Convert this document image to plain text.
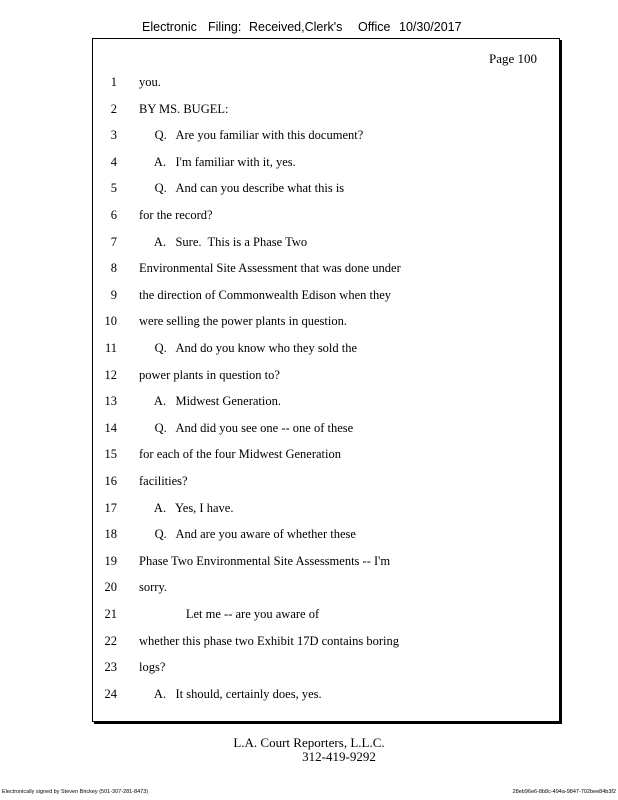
Electronic Filing: Received,Clerk's Office 10/30/2017
Page 100
1 you.
2 BY MS. BUGEL:
3 Q.   Are you familiar with this document?
4 A.   I'm familiar with it, yes.
5 Q.   And can you describe what this is
6 for the record?
7 A.   Sure.  This is a Phase Two
8 Environmental Site Assessment that was done under
9 the direction of Commonwealth Edison when they
10 were selling the power plants in question.
11 Q.   And do you know who they sold the
12 power plants in question to?
13 A.   Midwest Generation.
14 Q.   And did you see one -- one of these
15 for each of the four Midwest Generation
16 facilities?
17 A.   Yes, I have.
18 Q.   And are you aware of whether these
19 Phase Two Environmental Site Assessments -- I'm
20 sorry.
21 Let me -- are you aware of
22 whether this phase two Exhibit 17D contains boring
23 logs?
24 A.   It should, certainly does, yes.
L.A. Court Reporters, L.L.C.
312-419-9292
Electronically signed by Steven Brickey (501-307-281-8473)	28eb96e6-8b8c-494a-9847-702bee84b3f2
